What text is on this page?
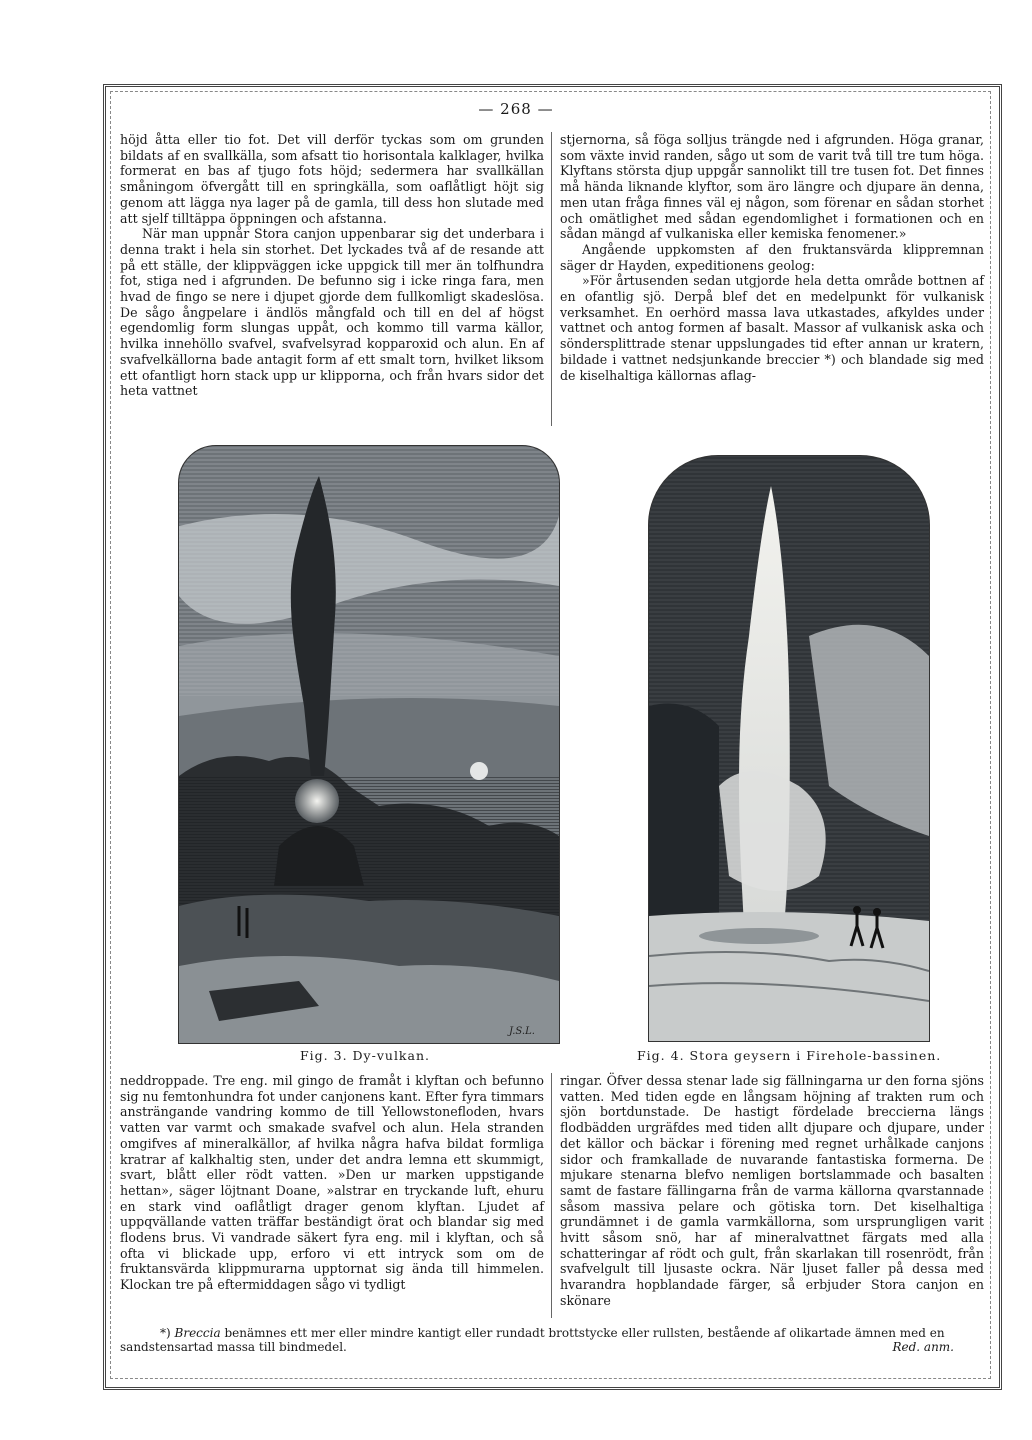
— 268 —

höjd åtta eller tio fot. Det vill derför tyckas som om grunden bildats af en svallkälla, som afsatt tio horisontala kalklager, hvilka formerat en bas af tjugo fots höjd; sedermera har svallkällan småningom öfvergått till en springkälla, som oaflåtligt höjt sig genom att lägga nya lager på de gamla, till dess hon slutade med att sjelf tilltäppa öppningen och afstanna.

När man uppnår Stora canjon uppenbarar sig det underbara i denna trakt i hela sin storhet. Det lyckades två af de resande att på ett ställe, der klippväggen icke uppgick till mer än tolfhundra fot, stiga ned i afgrunden. De befunno sig i icke ringa fara, men hvad de fingo se nere i djupet gjorde dem fullkomligt skadeslösa. De sågo ångpelare i ändlös mångfald och till en del af högst egendomlig form slungas uppåt, och kommo till varma källor, hvilka innehöllo svafvel, svafvelsyrad kopparoxid och alun. En af svafvelkällorna bade antagit form af ett smalt torn, hvilket liksom ett ofantligt horn stack upp ur klipporna, och från hvars sidor det heta vattnet

stjernorna, så föga solljus trängde ned i afgrunden. Höga granar, som växte invid randen, sågo ut som de varit två till tre tum höga. Klyftans största djup uppgår sannolikt till tre tusen fot. Det finnes må hända liknande klyftor, som äro längre och djupare än denna, men utan fråga finnes väl ej någon, som förenar en sådan storhet och omätlighet med sådan egendomlighet i formationen och en sådan mängd af vulkaniska eller kemiska fenomener.»

Angående uppkomsten af den fruktansvärda klippremnan säger dr Hayden, expeditionens geolog:

»För årtusenden sedan utgjorde hela detta område bottnen af en ofantlig sjö. Derpå blef det en medelpunkt för vulkanisk verksamhet. En oerhörd massa lava utkastades, afkyldes under vattnet och antog formen af basalt. Massor af vulkanisk aska och söndersplittrade stenar uppslungades tid efter annan ur kratern, bildade i vattnet nedsjunkande breccier *) och blandade sig med de kiselhaltiga källornas aflag-

J.S.L.
Fig. 3. Dy-vulkan.	Fig. 4. Stora geysern i Firehole-bassinen.

neddroppade. Tre eng. mil gingo de framåt i klyftan och befunno sig nu femtonhundra fot under canjonens kant. Efter fyra timmars ansträngande vandring kommo de till Yellowstonefloden, hvars vatten var varmt och smakade svafvel och alun. Hela stranden omgifves af mineralkällor, af hvilka några hafva bildat formliga kratrar af kalkhaltig sten, under det andra lemna ett skummigt, svart, blått eller rödt vatten. »Den ur marken uppstigande hettan», säger löjtnant Doane, »alstrar en tryckande luft, ehuru en stark vind oaflåtligt drager genom klyftan. Ljudet af uppqvällande vatten träffar beständigt örat och blandar sig med flodens brus. Vi vandrade säkert fyra eng. mil i klyftan, och så ofta vi blickade upp, erforo vi ett intryck som om de fruktansvärda klippmurarna upptornat sig ända till himmelen. Klockan tre på eftermiddagen sågo vi tydligt

ringar. Öfver dessa stenar lade sig fällningarna ur den forna sjöns vatten. Med tiden egde en långsam höjning af trakten rum och sjön bortdunstade. De hastigt fördelade breccierna längs flodbädden urgräfdes med tiden allt djupare och djupare, under det källor och bäckar i förening med regnet urhålkade canjons sidor och framkallade de nuvarande fantastiska formerna. De mjukare stenarna blefvo nemligen bortslammade och basalten samt de fastare fällingarna från de varma källorna qvarstannade såsom massiva pelare och götiska torn. Det kiselhaltiga grundämnet i de gamla varmkällorna, som ursprungligen varit hvitt såsom snö, har af mineralvattnet färgats med alla schatteringar af rödt och gult, från skarlakan till rosenrödt, från svafvelgult till ljusaste ockra. När ljuset faller på dessa med hvarandra hopblandade färger, så erbjuder Stora canjon en skönare

*) Breccia benämnes ett mer eller mindre kantigt eller rundadt brottstycke eller rullsten, bestående af olikartade ämnen med en sandstensartad massa till bindmedel.	Red. anm.
